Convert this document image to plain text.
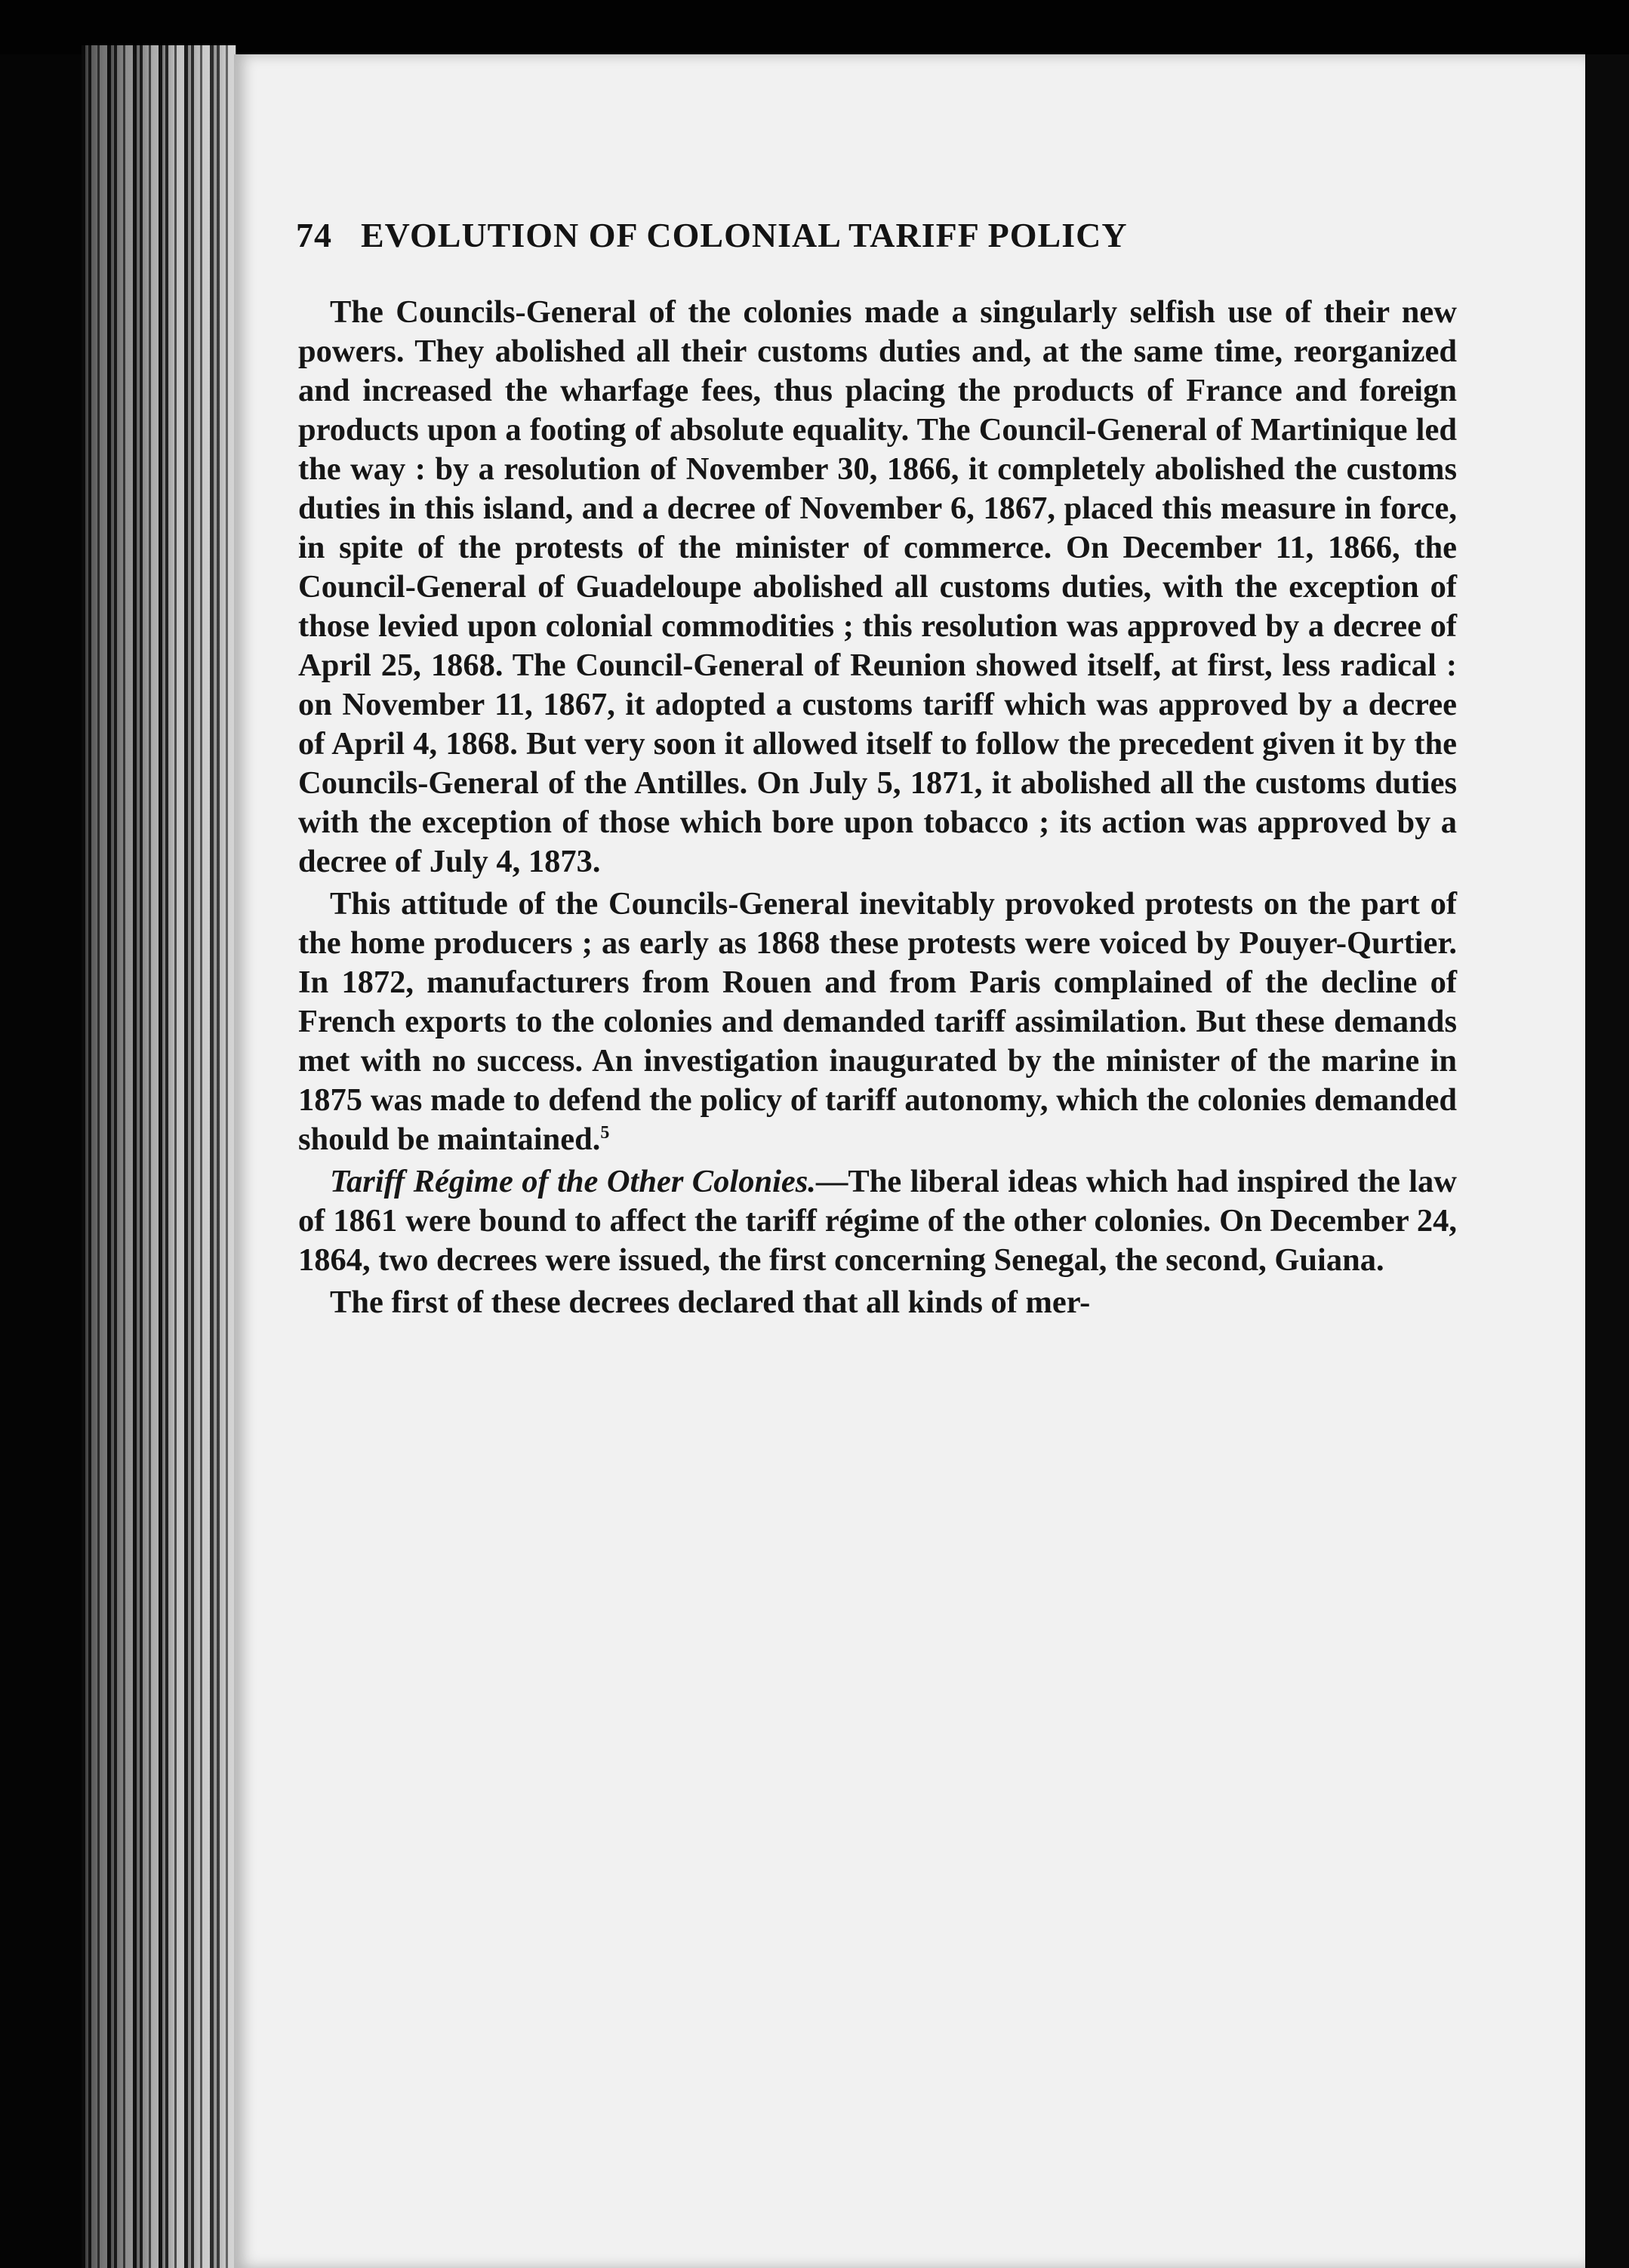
74 EVOLUTION OF COLONIAL TARIFF POLICY

The Councils-General of the colonies made a singularly selfish use of their new powers. They abolished all their customs duties and, at the same time, reorganized and increased the wharfage fees, thus placing the products of France and foreign products upon a footing of absolute equality. The Council-General of Martinique led the way : by a resolution of November 30, 1866, it completely abolished the customs duties in this island, and a decree of November 6, 1867, placed this measure in force, in spite of the protests of the minister of commerce. On December 11, 1866, the Council-General of Guadeloupe abolished all customs duties, with the exception of those levied upon colonial commodities ; this resolution was approved by a decree of April 25, 1868. The Council-General of Reunion showed itself, at first, less radical : on November 11, 1867, it adopted a customs tariff which was approved by a decree of April 4, 1868. But very soon it allowed itself to follow the precedent given it by the Councils-General of the Antilles. On July 5, 1871, it abolished all the customs duties with the exception of those which bore upon tobacco ; its action was approved by a decree of July 4, 1873.

This attitude of the Councils-General inevitably provoked protests on the part of the home producers ; as early as 1868 these protests were voiced by Pouyer-Qurtier. In 1872, manufacturers from Rouen and from Paris complained of the decline of French exports to the colonies and demanded tariff assimilation. But these demands met with no success. An investigation inaugurated by the minister of the marine in 1875 was made to defend the policy of tariff autonomy, which the colonies demanded should be maintained.$^5$

Tariff Régime of the Other Colonies.—The liberal ideas which had inspired the law of 1861 were bound to affect the tariff régime of the other colonies. On December 24, 1864, two decrees were issued, the first concerning Senegal, the second, Guiana.

The first of these decrees declared that all kinds of mer-
